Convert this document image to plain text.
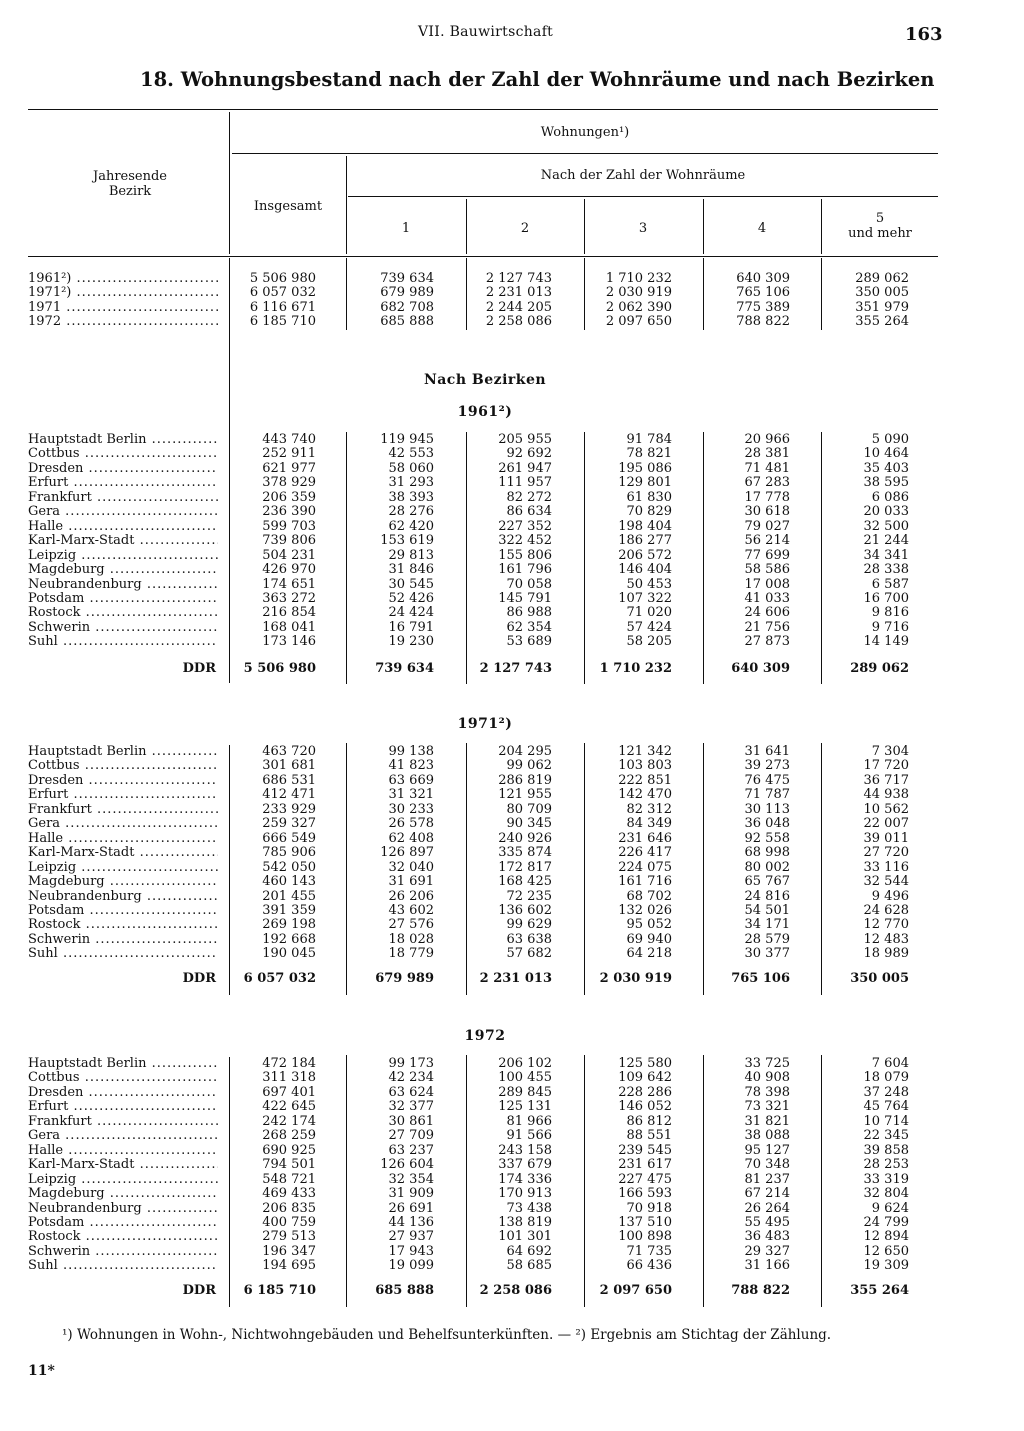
VII. Bauwirtschaft	163
18. Wohnungsbestand nach der Zahl der Wohnräume und nach Bezirken
Jahresende
Bezirk
Wohnungen¹)
Nach der Zahl der Wohnräume
Insgesamt
1	2	3	4
5
und mehr
Nach Bezirken
1961²)
1971²)
1972
1961²) .....	5 506 980	739 634	2 127 743	1 710 232	640 309	289 062
1971²) .....	6 057 032	679 989	2 231 013	2 030 919	765 106	350 005
1971 .....	6 116 671	682 708	2 244 205	2 062 390	775 389	351 979
1972 .....	6 185 710	685 888	2 258 086	2 097 650	788 822	355 264
Hauptstadt Berlin .....	443 740	119 945	205 955	91 784	20 966	5 090
Cottbus .....	252 911	42 553	92 692	78 821	28 381	10 464
Dresden .....	621 977	58 060	261 947	195 086	71 481	35 403
Erfurt .....	378 929	31 293	111 957	129 801	67 283	38 595
Frankfurt .....	206 359	38 393	82 272	61 830	17 778	6 086
Gera .....	236 390	28 276	86 634	70 829	30 618	20 033
Halle .....	599 703	62 420	227 352	198 404	79 027	32 500
Karl-Marx-Stadt .....	739 806	153 619	322 452	186 277	56 214	21 244
Leipzig .....	504 231	29 813	155 806	206 572	77 699	34 341
Magdeburg .....	426 970	31 846	161 796	146 404	58 586	28 338
Neubrandenburg .....	174 651	30 545	70 058	50 453	17 008	6 587
Potsdam .....	363 272	52 426	145 791	107 322	41 033	16 700
Rostock .....	216 854	24 424	86 988	71 020	24 606	9 816
Schwerin .....	168 041	16 791	62 354	57 424	21 756	9 716
Suhl .....	173 146	19 230	53 689	58 205	27 873	14 149
DDR 5 506 980	739 634	2 127 743	1 710 232	640 309	289 062
Hauptstadt Berlin .....	463 720	99 138	204 295	121 342	31 641	7 304
Cottbus .....	301 681	41 823	99 062	103 803	39 273	17 720
Dresden .....	686 531	63 669	286 819	222 851	76 475	36 717
Erfurt .....	412 471	31 321	121 955	142 470	71 787	44 938
Frankfurt .....	233 929	30 233	80 709	82 312	30 113	10 562
Gera .....	259 327	26 578	90 345	84 349	36 048	22 007
Halle .....	666 549	62 408	240 926	231 646	92 558	39 011
Karl-Marx-Stadt .....	785 906	126 897	335 874	226 417	68 998	27 720
Leipzig .....	542 050	32 040	172 817	224 075	80 002	33 116
Magdeburg .....	460 143	31 691	168 425	161 716	65 767	32 544
Neubrandenburg .....	201 455	26 206	72 235	68 702	24 816	9 496
Potsdam .....	391 359	43 602	136 602	132 026	54 501	24 628
Rostock .....	269 198	27 576	99 629	95 052	34 171	12 770
Schwerin .....	192 668	18 028	63 638	69 940	28 579	12 483
Suhl .....	190 045	18 779	57 682	64 218	30 377	18 989
DDR 6 057 032	679 989	2 231 013	2 030 919	765 106	350 005
Hauptstadt Berlin .....	472 184	99 173	206 102	125 580	33 725	7 604
Cottbus .....	311 318	42 234	100 455	109 642	40 908	18 079
Dresden .....	697 401	63 624	289 845	228 286	78 398	37 248
Erfurt .....	422 645	32 377	125 131	146 052	73 321	45 764
Frankfurt .....	242 174	30 861	81 966	86 812	31 821	10 714
Gera .....	268 259	27 709	91 566	88 551	38 088	22 345
Halle .....	690 925	63 237	243 158	239 545	95 127	39 858
Karl-Marx-Stadt .....	794 501	126 604	337 679	231 617	70 348	28 253
Leipzig .....	548 721	32 354	174 336	227 475	81 237	33 319
Magdeburg .....	469 433	31 909	170 913	166 593	67 214	32 804
Neubrandenburg .....	206 835	26 691	73 438	70 918	26 264	9 624
Potsdam .....	400 759	44 136	138 819	137 510	55 495	24 799
Rostock .....	279 513	27 937	101 301	100 898	36 483	12 894
Schwerin .....	196 347	17 943	64 692	71 735	29 327	12 650
Suhl .....	194 695	19 099	58 685	66 436	31 166	19 309
DDR 6 185 710	685 888	2 258 086	2 097 650	788 822	355 264
¹) Wohnungen in Wohn-, Nichtwohngebäuden und Behelfsunterkünften. — ²) Ergebnis am Stichtag der Zählung.
11*
